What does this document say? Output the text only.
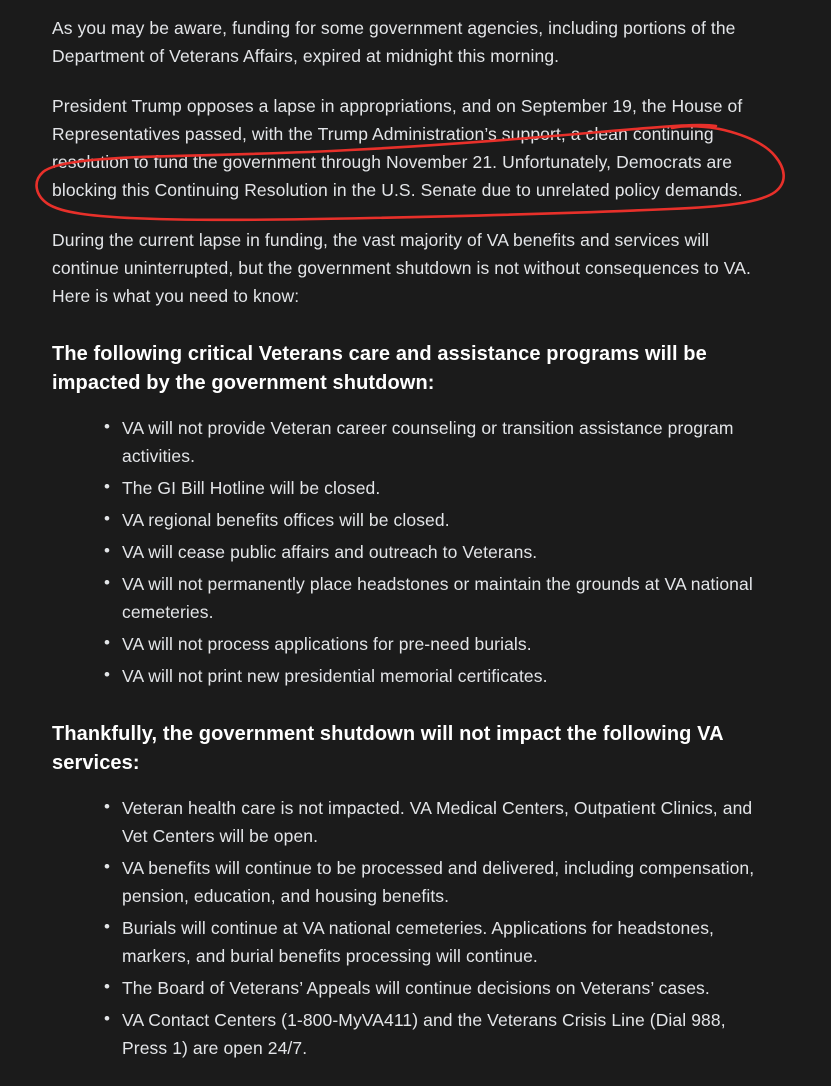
As you may be aware, funding for some government agencies, including portions of the Department of Veterans Affairs, expired at midnight this morning.

President Trump opposes a lapse in appropriations, and on September 19, the House of Representatives passed, with the Trump Administration’s support, a clean continuing resolution to fund the government through November 21. Unfortunately, Democrats are blocking this Continuing Resolution in the U.S. Senate due to unrelated policy demands.

During the current lapse in funding, the vast majority of VA benefits and services will continue uninterrupted, but the government shutdown is not without consequences to VA. Here is what you need to know:

The following critical Veterans care and assistance programs will be impacted by the government shutdown:
• VA will not provide Veteran career counseling or transition assistance program activities.
• The GI Bill Hotline will be closed.
• VA regional benefits offices will be closed.
• VA will cease public affairs and outreach to Veterans.
• VA will not permanently place headstones or maintain the grounds at VA national cemeteries.
• VA will not process applications for pre-need burials.
• VA will not print new presidential memorial certificates.
Thankfully, the government shutdown will not impact the following VA services:
• Veteran health care is not impacted. VA Medical Centers, Outpatient Clinics, and Vet Centers will be open.
• VA benefits will continue to be processed and delivered, including compensation, pension, education, and housing benefits.
• Burials will continue at VA national cemeteries. Applications for headstones, markers, and burial benefits processing will continue.
• The Board of Veterans’ Appeals will continue decisions on Veterans’ cases.
• VA Contact Centers (1-800-MyVA411) and the Veterans Crisis Line (Dial 988, Press 1) are open 24/7.
